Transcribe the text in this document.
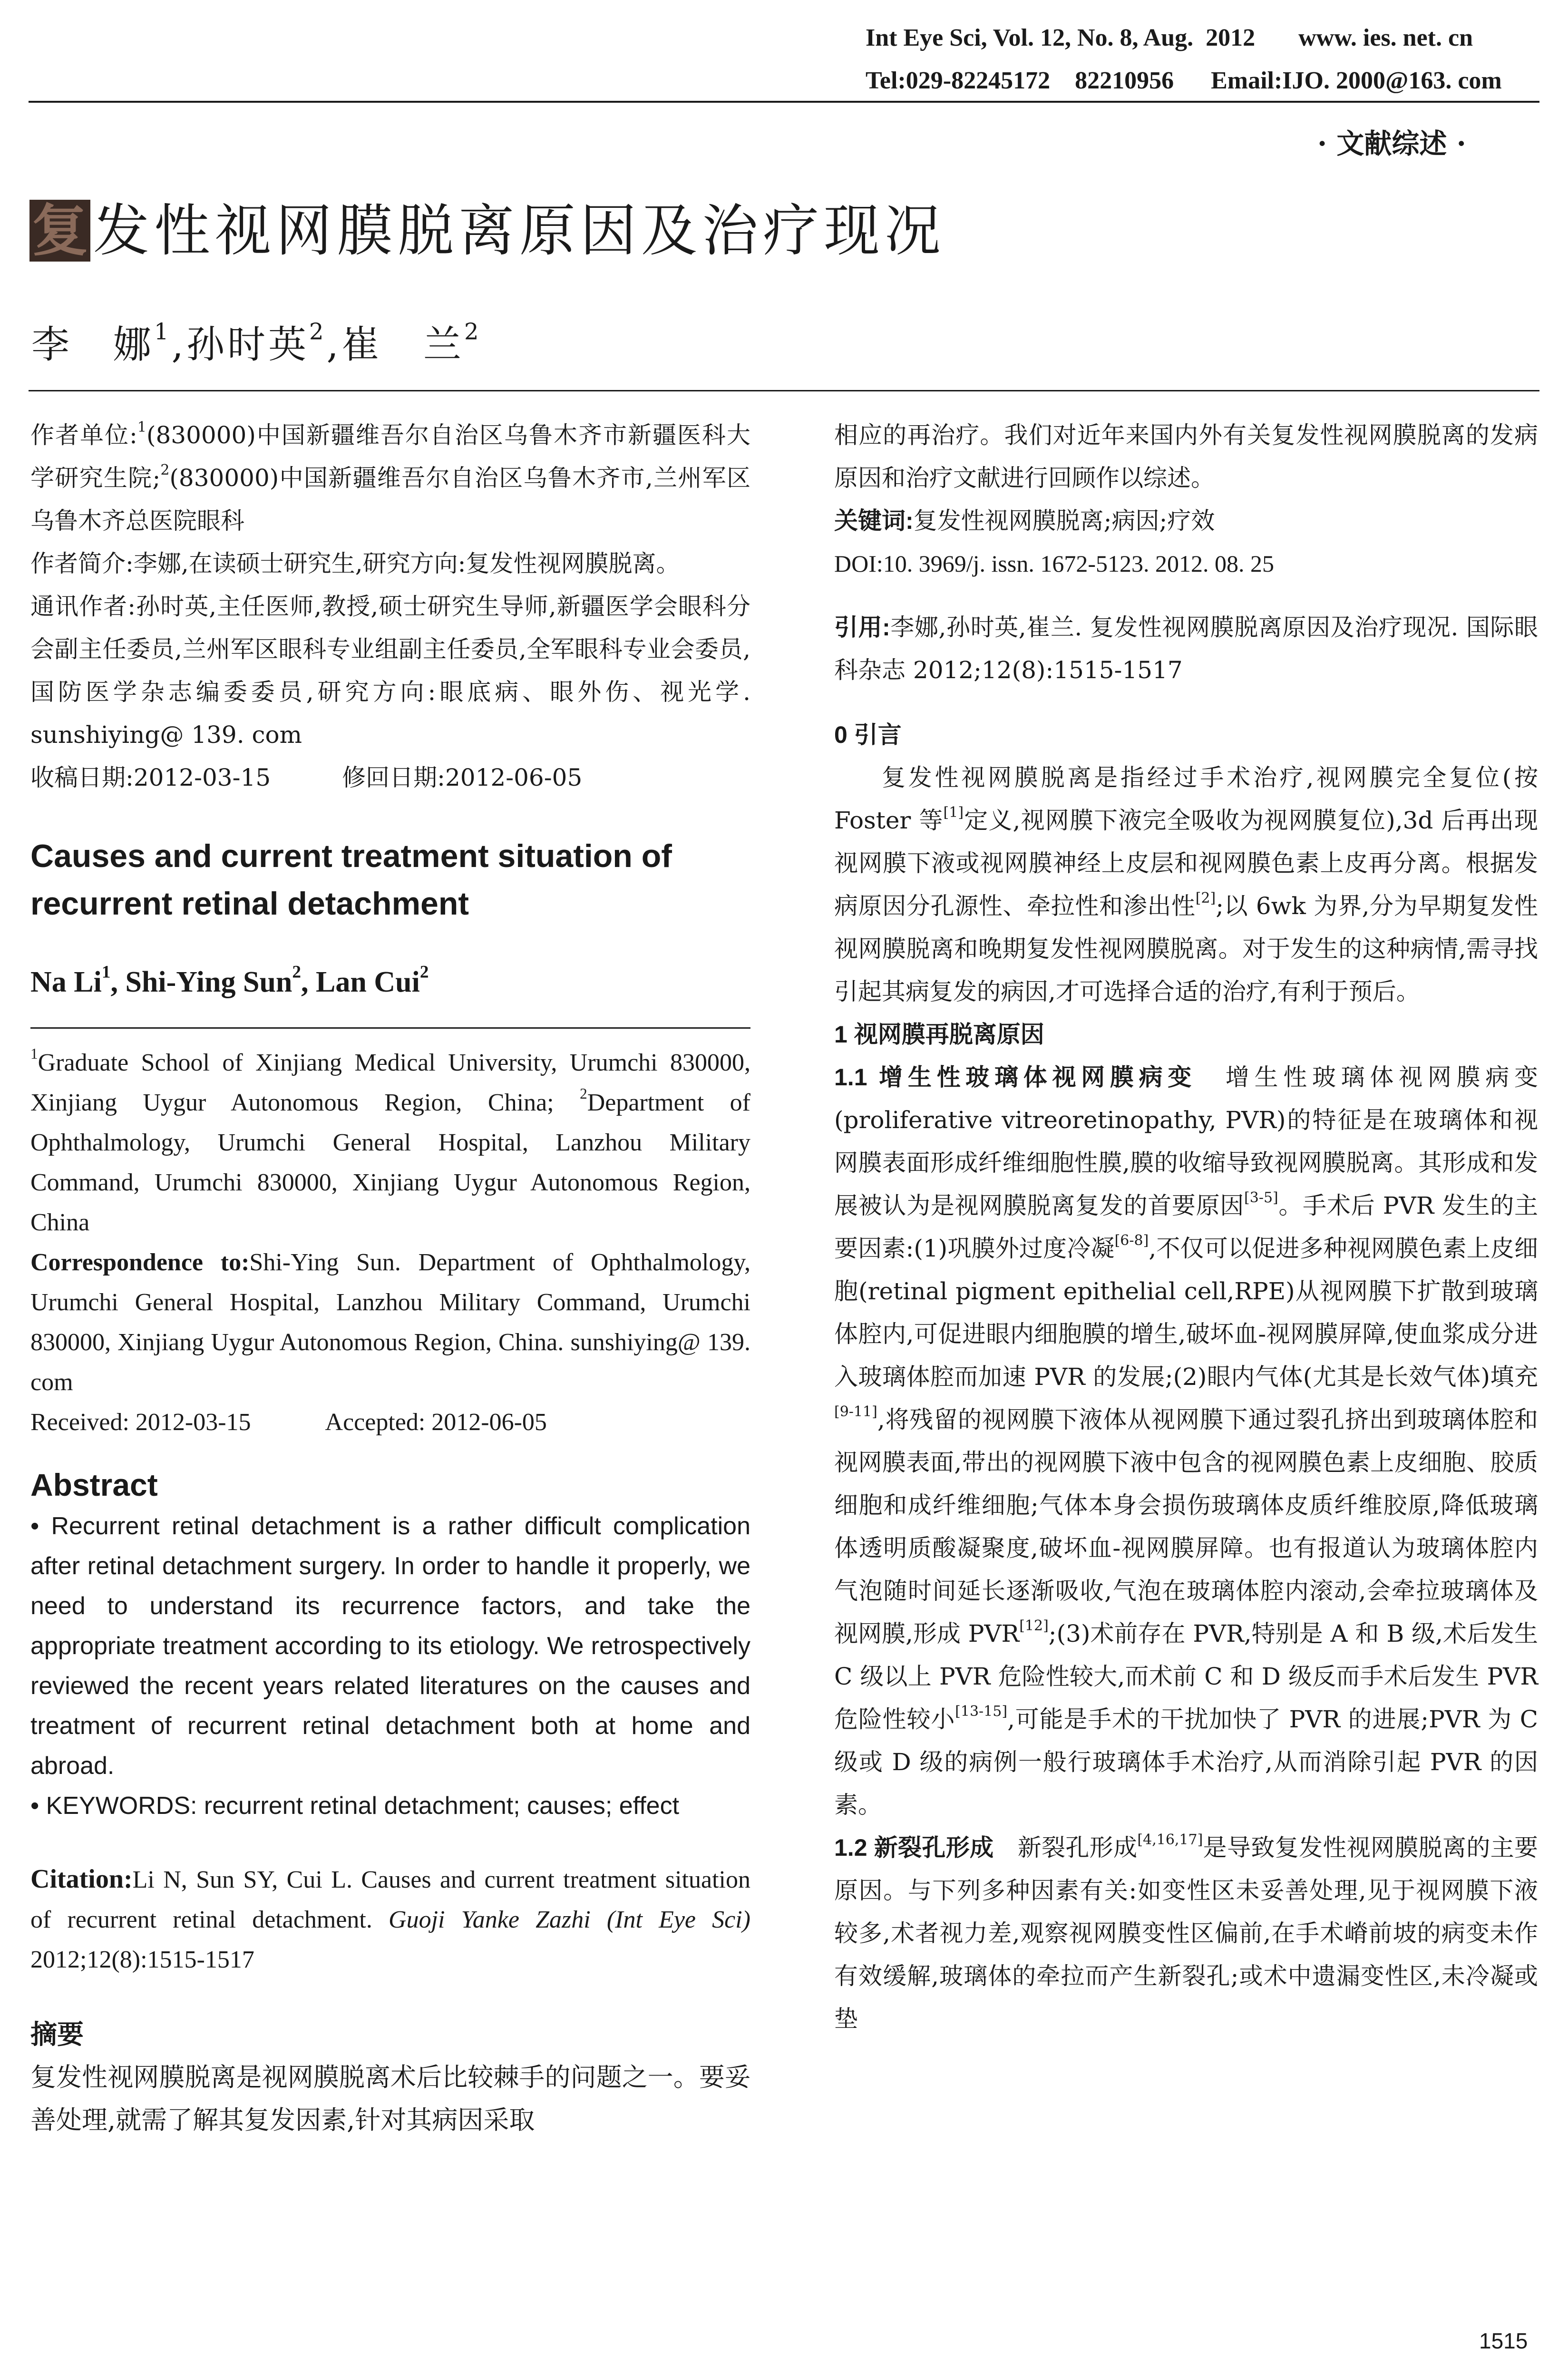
Int Eye Sci, Vol. 12, No. 8, Aug.  2012       www. ies. net. cn
Tel:029-82245172    82210956      Email:IJO. 2000@163. com
· 文献综述 ·
复 发性视网膜脱离原因及治疗现况
李　娜$^1$,孙时英$^2$,崔　兰$^2$
作者单位:$^1$(830000)中国新疆维吾尔自治区乌鲁木齐市新疆医科大学研究生院;$^2$(830000)中国新疆维吾尔自治区乌鲁木齐市,兰州军区乌鲁木齐总医院眼科
作者简介:李娜,在读硕士研究生,研究方向:复发性视网膜脱离。
通讯作者:孙时英,主任医师,教授,硕士研究生导师,新疆医学会眼科分会副主任委员,兰州军区眼科专业组副主任委员,全军眼科专业会委员,国防医学杂志编委委员,研究方向:眼底病、眼外伤、视光学. sunshiying@ 139. com
收稿日期:2012-03-15　　　修回日期:2012-06-05
Causes and current treatment situation of recurrent retinal detachment
Na Li$^1$, Shi-Ying Sun$^2$, Lan Cui$^2$
$^1$Graduate School of Xinjiang Medical University, Urumchi 830000, Xinjiang Uygur Autonomous Region, China; $^2$Department of Ophthalmology, Urumchi General Hospital, Lanzhou Military Command, Urumchi 830000, Xinjiang Uygur Autonomous Region, China
Correspondence to:Shi-Ying Sun. Department of Ophthalmology, Urumchi General Hospital, Lanzhou Military Command, Urumchi 830000, Xinjiang Uygur Autonomous Region, China. sunshiying@ 139. com
Received: 2012-03-15　　　Accepted: 2012-06-05
Abstract
• Recurrent retinal detachment is a rather difficult complication after retinal detachment surgery. In order to handle it properly, we need to understand its recurrence factors, and take the appropriate treatment according to its etiology. We retrospectively reviewed the recent years related literatures on the causes and treatment of recurrent retinal detachment both at home and abroad.
• KEYWORDS: recurrent retinal detachment; causes; effect
Citation:Li N, Sun SY, Cui L. Causes and current treatment situation of recurrent retinal detachment. Guoji Yanke Zazhi (Int Eye Sci) 2012;12(8):1515-1517
摘要
复发性视网膜脱离是视网膜脱离术后比较棘手的问题之一。要妥善处理,就需了解其复发因素,针对其病因采取
相应的再治疗。我们对近年来国内外有关复发性视网膜脱离的发病原因和治疗文献进行回顾作以综述。
关键词:复发性视网膜脱离;病因;疗效
DOI:10. 3969/j. issn. 1672-5123. 2012. 08. 25
引用:李娜,孙时英,崔兰. 复发性视网膜脱离原因及治疗现况. 国际眼科杂志 2012;12(8):1515-1517
0 引言
复发性视网膜脱离是指经过手术治疗,视网膜完全复位(按 Foster 等[1]定义,视网膜下液完全吸收为视网膜复位),3d 后再出现视网膜下液或视网膜神经上皮层和视网膜色素上皮再分离。根据发病原因分孔源性、牵拉性和渗出性[2];以 6wk 为界,分为早期复发性视网膜脱离和晚期复发性视网膜脱离。对于发生的这种病情,需寻找引起其病复发的病因,才可选择合适的治疗,有利于预后。
1 视网膜再脱离原因
1.1 增生性玻璃体视网膜病变　增生性玻璃体视网膜病变(proliferative vitreoretinopathy, PVR)的特征是在玻璃体和视网膜表面形成纤维细胞性膜,膜的收缩导致视网膜脱离。其形成和发展被认为是视网膜脱离复发的首要原因[3-5]。手术后 PVR 发生的主要因素:(1)巩膜外过度冷凝[6-8],不仅可以促进多种视网膜色素上皮细胞(retinal pigment epithelial cell,RPE)从视网膜下扩散到玻璃体腔内,可促进眼内细胞膜的增生,破坏血-视网膜屏障,使血浆成分进入玻璃体腔而加速 PVR 的发展;(2)眼内气体(尤其是长效气体)填充[9-11],将残留的视网膜下液体从视网膜下通过裂孔挤出到玻璃体腔和视网膜表面,带出的视网膜下液中包含的视网膜色素上皮细胞、胶质细胞和成纤维细胞;气体本身会损伤玻璃体皮质纤维胶原,降低玻璃体透明质酸凝聚度,破坏血-视网膜屏障。也有报道认为玻璃体腔内气泡随时间延长逐渐吸收,气泡在玻璃体腔内滚动,会牵拉玻璃体及视网膜,形成 PVR[12];(3)术前存在 PVR,特别是 A 和 B 级,术后发生 C 级以上 PVR 危险性较大,而术前 C 和 D 级反而手术后发生 PVR 危险性较小[13-15],可能是手术的干扰加快了 PVR 的进展;PVR 为 C 级或 D 级的病例一般行玻璃体手术治疗,从而消除引起 PVR 的因素。
1.2 新裂孔形成　新裂孔形成[4,16,17]是导致复发性视网膜脱离的主要原因。与下列多种因素有关:如变性区未妥善处理,见于视网膜下液较多,术者视力差,观察视网膜变性区偏前,在手术嵴前坡的病变未作有效缓解,玻璃体的牵拉而产生新裂孔;或术中遗漏变性区,未冷凝或垫
1515
